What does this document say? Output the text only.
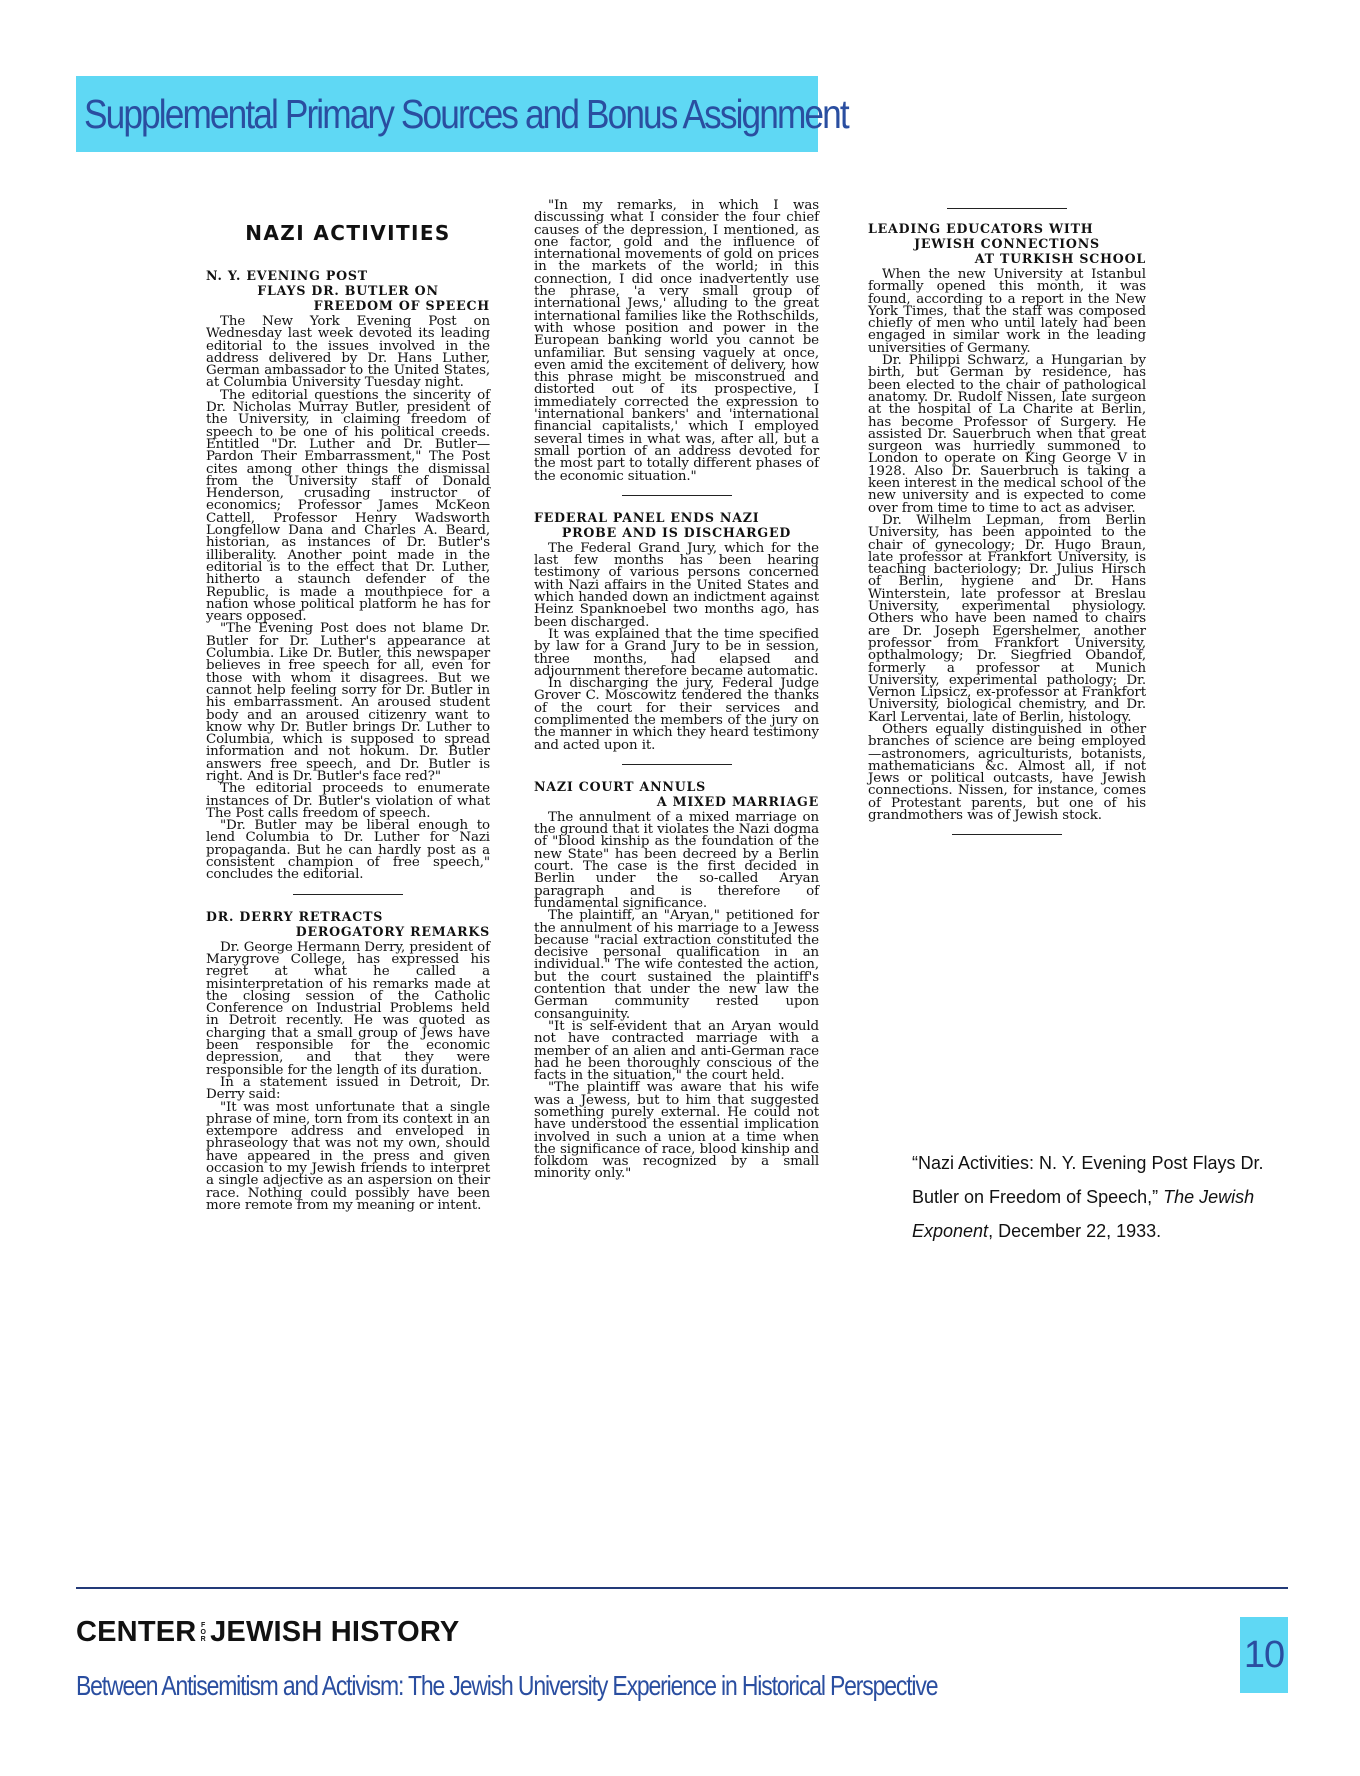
Supplemental Primary Sources and Bonus Assignment
NAZI ACTIVITIES
N. Y. EVENING POST
FLAYS DR. BUTLER ON
FREEDOM OF SPEECH

The New York Evening Post on Wednesday last week devoted its leading editorial to the issues involved in the address delivered by Dr. Hans Luther, German ambassador to the United States, at Columbia University Tuesday night.

The editorial questions the sincerity of Dr. Nicholas Murray Butler, president of the University, in claiming freedom of speech to be one of his political creeds. Entitled "Dr. Luther and Dr. Butler—Pardon Their Embarrassment," The Post cites among other things the dismissal from the University staff of Donald Henderson, crusading instructor of economics; Professor James McKeon Cattell, Professor Henry Wadsworth Longfellow Dana and Charles A. Beard, historian, as instances of Dr. Butler's illiberality. Another point made in the editorial is to the effect that Dr. Luther, hitherto a staunch defender of the Republic, is made a mouthpiece for a nation whose political platform he has for years opposed.

"The Evening Post does not blame Dr. Butler for Dr. Luther's appearance at Columbia. Like Dr. Butler, this newspaper believes in free speech for all, even for those with whom it disagrees. But we cannot help feeling sorry for Dr. Butler in his embarrassment. An aroused student body and an aroused citizenry want to know why Dr. Butler brings Dr. Luther to Columbia, which is supposed to spread information and not hokum. Dr. Butler answers free speech, and Dr. Butler is right. And is Dr. Butler's face red?"

The editorial proceeds to enumerate instances of Dr. Butler's violation of what The Post calls freedom of speech.

"Dr. Butler may be liberal enough to lend Columbia to Dr. Luther for Nazi propaganda. But he can hardly post as a consistent champion of free speech," concludes the editorial.

DR. DERRY RETRACTS
DEROGATORY REMARKS

Dr. George Hermann Derry, president of Marygrove College, has expressed his regret at what he called a misinterpretation of his remarks made at the closing session of the Catholic Conference on Industrial Problems held in Detroit recently. He was quoted as charging that a small group of Jews have been responsible for the economic depression, and that they were responsible for the length of its duration.

In a statement issued in Detroit, Dr. Derry said:

"It was most unfortunate that a single phrase of mine, torn from its context in an extempore address and enveloped in phraseology that was not my own, should have appeared in the press and given occasion to my Jewish friends to interpret a single adjective as an aspersion on their race. Nothing could possibly have been more remote from my meaning or intent.

"In my remarks, in which I was discussing what I consider the four chief causes of the depression, I mentioned, as one factor, gold and the influence of international movements of gold on prices in the markets of the world; in this connection, I did once inadvertently use the phrase, 'a very small group of international Jews,' alluding to the great international families like the Rothschilds, with whose position and power in the European banking world you cannot be unfamiliar. But sensing vaguely at once, even amid the excitement of delivery, how this phrase might be misconstrued and distorted out of its prospective, I immediately corrected the expression to 'international bankers' and 'international financial capitalists,' which I employed several times in what was, after all, but a small portion of an address devoted for the most part to totally different phases of the economic situation."

FEDERAL PANEL ENDS NAZI
PROBE AND IS DISCHARGED

The Federal Grand Jury, which for the last few months has been hearing testimony of various persons concerned with Nazi affairs in the United States and which handed down an indictment against Heinz Spanknoebel two months ago, has been discharged.

It was explained that the time specified by law for a Grand Jury to be in session, three months, had elapsed and adjournment therefore became automatic.

In discharging the jury, Federal Judge Grover C. Moscowitz tendered the thanks of the court for their services and complimented the members of the jury on the manner in which they heard testimony and acted upon it.

NAZI COURT ANNULS
A MIXED MARRIAGE

The annulment of a mixed marriage on the ground that it violates the Nazi dogma of "blood kinship as the foundation of the new State" has been decreed by a Berlin court. The case is the first decided in Berlin under the so-called Aryan paragraph and is therefore of fundamental significance.

The plaintiff, an "Aryan," petitioned for the annulment of his marriage to a Jewess because "racial extraction constituted the decisive personal qualification in an individual." The wife contested the action, but the court sustained the plaintiff's contention that under the new law the German community rested upon consanguinity.

"It is self-evident that an Aryan would not have contracted marriage with a member of an alien and anti-German race had he been thoroughly conscious of the facts in the situation," the court held.

"The plaintiff was aware that his wife was a Jewess, but to him that suggested something purely external. He could not have understood the essential implication involved in such a union at a time when the significance of race, blood kinship and folkdom was recognized by a small minority only."

LEADING EDUCATORS WITH
JEWISH CONNECTIONS
AT TURKISH SCHOOL

When the new University at Istanbul formally opened this month, it was found, according to a report in the New York Times, that the staff was composed chiefly of men who until lately had been engaged in similar work in the leading universities of Germany.

Dr. Philippi Schwarz, a Hungarian by birth, but German by residence, has been elected to the chair of pathological anatomy. Dr. Rudolf Nissen, late surgeon at the hospital of La Charite at Berlin, has become Professor of Surgery. He assisted Dr. Sauerbruch when that great surgeon was hurriedly summoned to London to operate on King George V in 1928. Also Dr. Sauerbruch is taking a keen interest in the medical school of the new university and is expected to come over from time to time to act as adviser.

Dr. Wilhelm Lepman, from Berlin University, has been appointed to the chair of gynecology; Dr. Hugo Braun, late professor at Frankfort University, is teaching bacteriology; Dr. Julius Hirsch of Berlin, hygiene and Dr. Hans Winterstein, late professor at Breslau University, experimental physiology. Others who have been named to chairs are Dr. Joseph Egershelmer, another professor from Frankfort University, opthalmology; Dr. Siegfried Obandof, formerly a professor at Munich University, experimental pathology; Dr. Vernon Lipsicz, ex-professor at Frankfort University, biological chemistry, and Dr. Karl Lerventai, late of Berlin, histology.

Others equally distinguished in other branches of science are being employed—astronomers, agriculturists, botanists, mathematicians &c. Almost all, if not Jews or political outcasts, have Jewish connections. Nissen, for instance, comes of Protestant parents, but one of his grandmothers was of Jewish stock.

“Nazi Activities: N. Y. Evening Post Flays Dr. Butler on Freedom of Speech,” The Jewish Exponent, December 22, 1933.
CENTER F
O
R JEWISH HISTORY
Between Antisemitism and Activism: The Jewish University Experience in Historical Perspective
10
